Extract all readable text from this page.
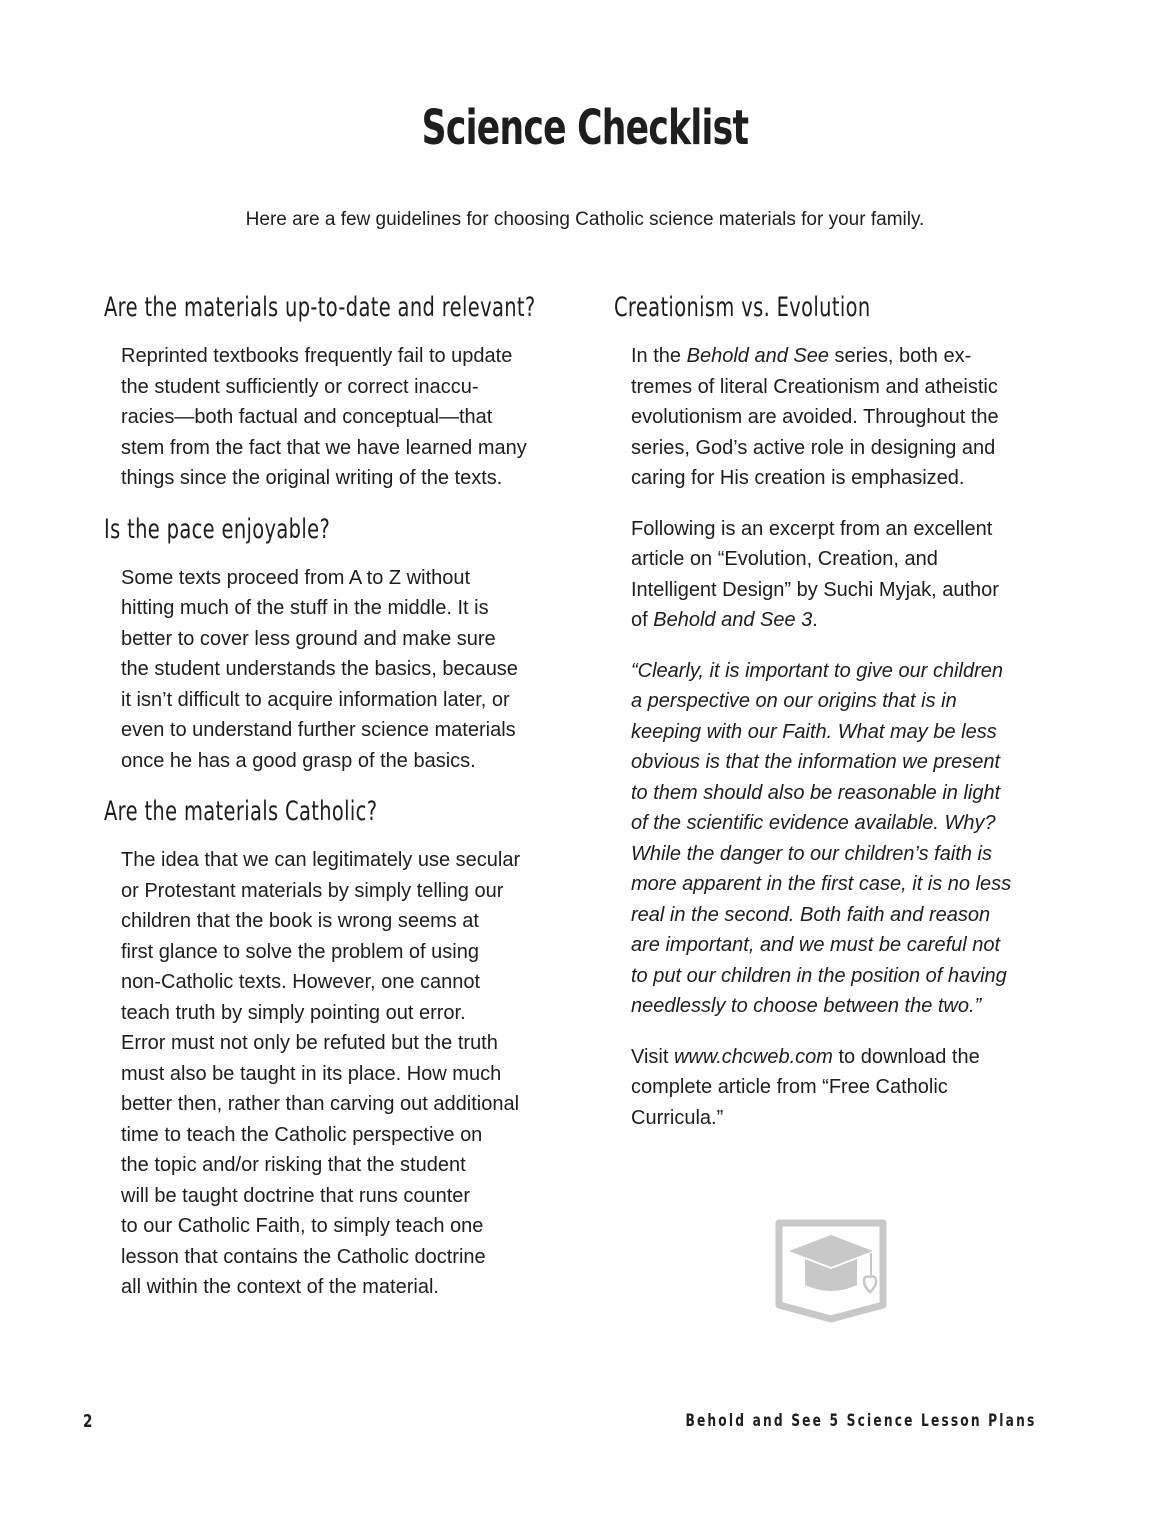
Science Checklist

Here are a few guidelines for choosing Catholic science materials for your family.

Are the materials up-to-date and relevant?

Reprinted textbooks frequently fail to update
the student sufficiently or correct inaccu-
racies—both factual and conceptual—that
stem from the fact that we have learned many
things since the original writing of the texts.

Is the pace enjoyable?

Some texts proceed from A to Z without
hitting much of the stuff in the middle. It is
better to cover less ground and make sure
the student understands the basics, because
it isn’t difficult to acquire information later, or
even to understand further science materials
once he has a good grasp of the basics.

Are the materials Catholic?

The idea that we can legitimately use secular
or Protestant materials by simply telling our
children that the book is wrong seems at
first glance to solve the problem of using
non-Catholic texts. However, one cannot
teach truth by simply pointing out error.
Error must not only be refuted but the truth
must also be taught in its place. How much
better then, rather than carving out additional
time to teach the Catholic perspective on
the topic and/or risking that the student
will be taught doctrine that runs counter
to our Catholic Faith, to simply teach one
lesson that contains the Catholic doctrine
all within the context of the material.

Creationism vs. Evolution

In the Behold and See series, both ex-
tremes of literal Creationism and atheistic
evolutionism are avoided. Throughout the
series, God’s active role in designing and
caring for His creation is emphasized.

Following is an excerpt from an excellent
article on “Evolution, Creation, and
Intelligent Design” by Suchi Myjak, author
of Behold and See 3.

“Clearly, it is important to give our children
a perspective on our origins that is in
keeping with our Faith. What may be less
obvious is that the information we present
to them should also be reasonable in light
of the scientific evidence available. Why?
While the danger to our children’s faith is
more apparent in the first case, it is no less
real in the second. Both faith and reason
are important, and we must be careful not
to put our children in the position of having
needlessly to choose between the two.”

Visit www.chcweb.com to download the
complete article from “Free Catholic
Curricula.”

2	Behold and See 5 Science Lesson Plans
